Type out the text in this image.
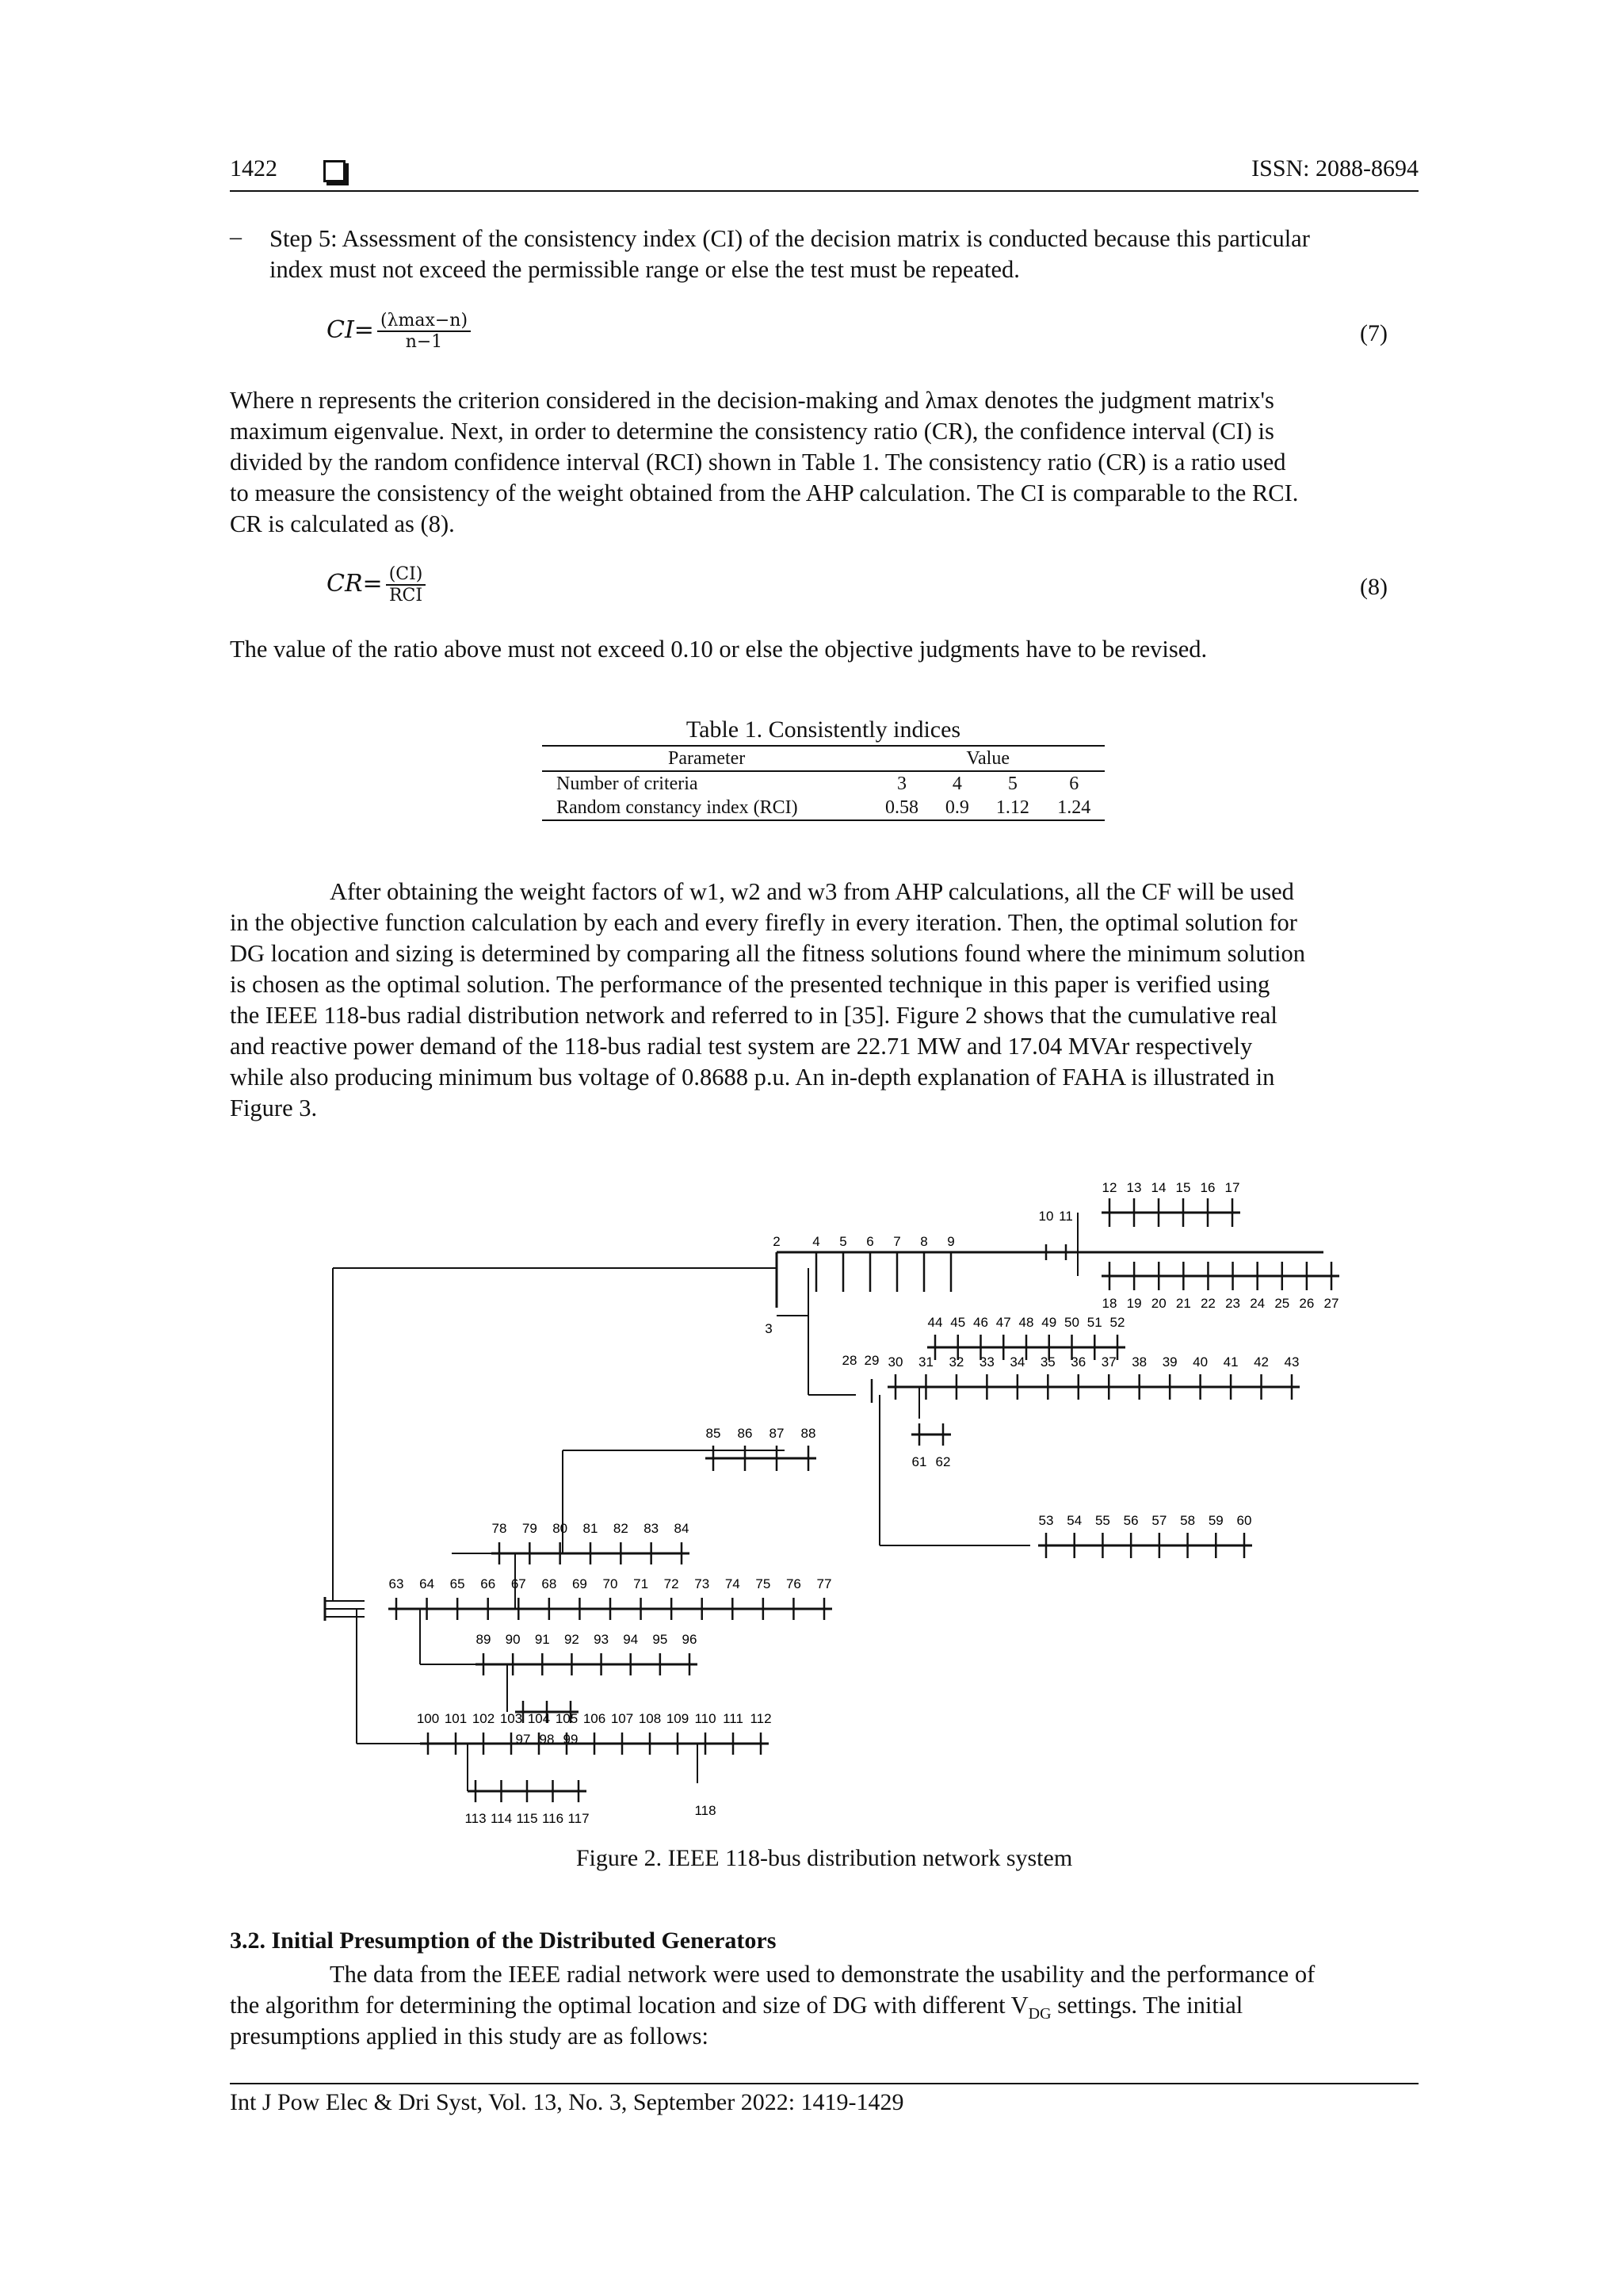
1422	ISSN: 2088-8694
– Step 5: Assessment of the consistency index (CI) of the decision matrix is conducted because this particular
index must not exceed the permissible range or else the test must be repeated.
$CI= \frac{(\lambda\max-n)}{n-1}$	(7)
Where n represents the criterion considered in the decision-making and λmax denotes the judgment matrix's
maximum eigenvalue. Next, in order to determine the consistency ratio (CR), the confidence interval (CI) is
divided by the random confidence interval (RCI) shown in Table 1. The consistency ratio (CR) is a ratio used
to measure the consistency of the weight obtained from the AHP calculation. The CI is comparable to the RCI.
CR is calculated as (8).
$CR= \frac{(CI)}{\text{RCI}}$	(8)
The value of the ratio above must not exceed 0.10 or else the objective judgments have to be revised.
Table 1. Consistently indices
Parameter	Value			
Number of criteria	3	4	5	6
Random constancy index (RCI)	0.58	0.9	1.12	1.24
After obtaining the weight factors of w1, w2 and w3 from AHP calculations, all the CF will be used
in the objective function calculation by each and every firefly in every iteration. Then, the optimal solution for
DG location and sizing is determined by comparing all the fitness solutions found where the minimum solution
is chosen as the optimal solution. The performance of the presented technique in this paper is verified using
the IEEE 118-bus radial distribution network and referred to in [35]. Figure 2 shows that the cumulative real
and reactive power demand of the 118-bus radial test system are 22.71 MW and 17.04 MVAr respectively
while also producing minimum bus voltage of 0.8688 p.u. An in-depth explanation of FAHA is illustrated in
Figure 3.
2
3
4 5 6 7 8 9
10 11
12 13 14 15 16 17
18 19 20 21 22 23 24 25 26 27
28 29 30 31 32 33 34 35 36 37 38 39 40 41 42 43
44 45 46 47 48 49 50 51 52
61 62
53 54 55 56 57 58 59 60
63 64 65 66 67 68 69 70 71 72 73 74 75 76 77
78 79 80 81 82 83 84
85 86 87 88
89 90 91 92 93 94 95 96
97 98 99
100 101 102 103 104 105 106 107 108 109 110 111 112
113 114 115 116 117
118
Figure 2. IEEE 118-bus distribution network system
3.2. Initial Presumption of the Distributed Generators
The data from the IEEE radial network were used to demonstrate the usability and the performance of
the algorithm for determining the optimal location and size of DG with different $V_{DG}$ settings. The initial
presumptions applied in this study are as follows:
Int J Pow Elec & Dri Syst, Vol. 13, No. 3, September 2022: 1419-1429
